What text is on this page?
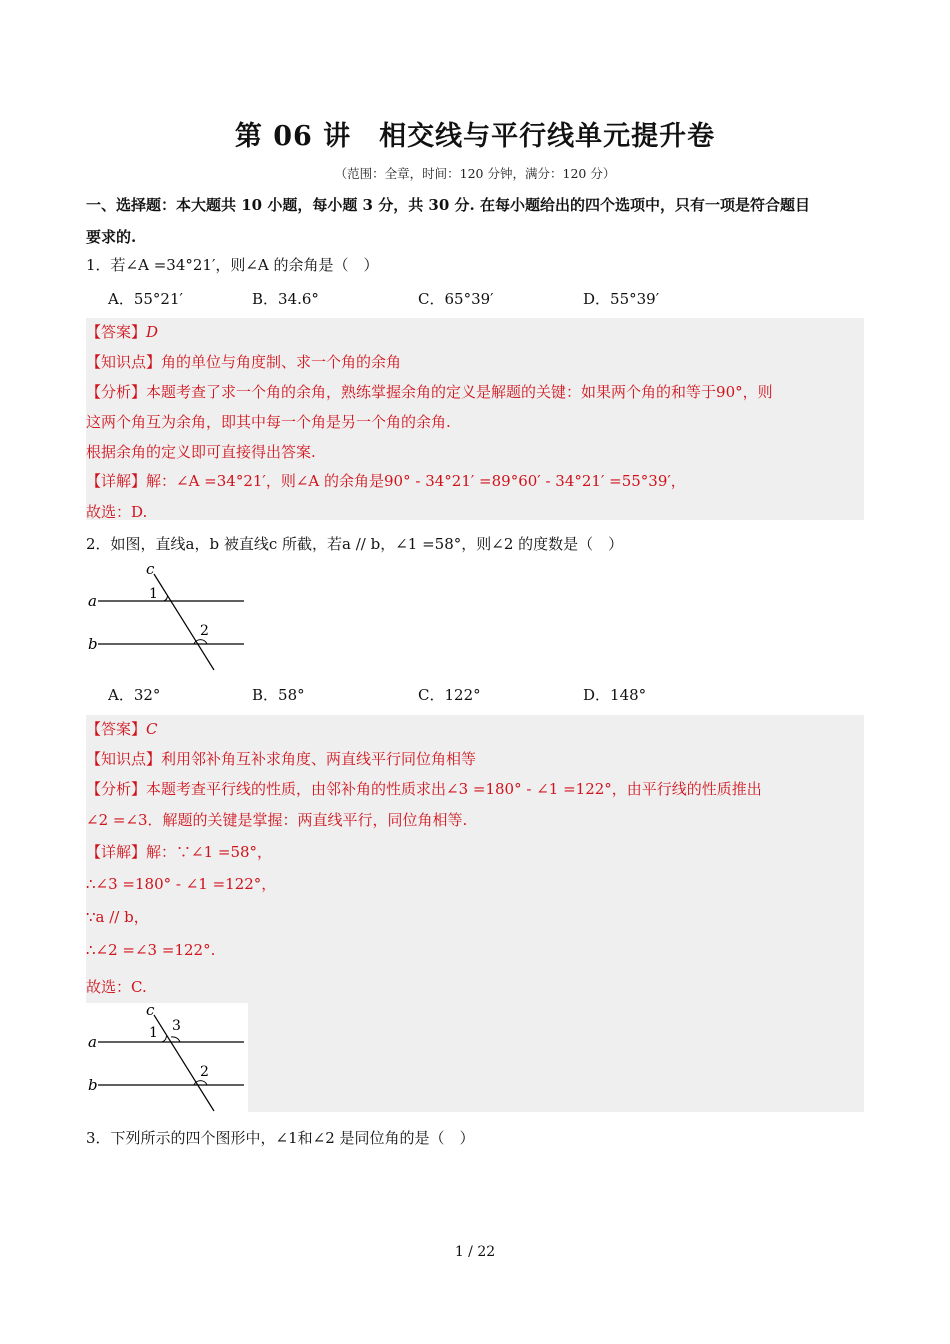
第 06 讲　相交线与平行线单元提升卷
（范围：全章，时间：120 分钟，满分：120 分）
一、选择题：本大题共 10 小题，每小题 3 分，共 30 分. 在每小题给出的四个选项中，只有一项是符合题目
要求的.
1．若∠A =34°21′，则∠A 的余角是（　）
A．55°21′	B．34.6°	C．65°39′	D．55°39′
【答案】D
【知识点】角的单位与角度制、求一个角的余角
【分析】本题考查了求一个角的余角，熟练掌握余角的定义是解题的关键：如果两个角的和等于90°，则
这两个角互为余角，即其中每一个角是另一个角的余角.
根据余角的定义即可直接得出答案.
【详解】解：∠A =34°21′，则∠A 的余角是90° - 34°21′ =89°60′ - 34°21′ =55°39′，
故选：D.
2．如图，直线a，b 被直线c 所截，若a // b，∠1 =58°，则∠2 的度数是（　）
a
b
c
1
2
A．32°	B．58°	C．122°	D．148°
【答案】C
【知识点】利用邻补角互补求角度、两直线平行同位角相等
【分析】本题考查平行线的性质，由邻补角的性质求出∠3 =180° - ∠1 =122°，由平行线的性质推出
∠2 =∠3．解题的关键是掌握：两直线平行，同位角相等.
【详解】解：∵∠1 =58°，
∴∠3 =180° - ∠1 =122°，
∵a // b，
∴∠2 =∠3 =122°.
故选：C.
a
b
c
1 3
2
3．下列所示的四个图形中，∠1和∠2 是同位角的是（　）
1 / 22
